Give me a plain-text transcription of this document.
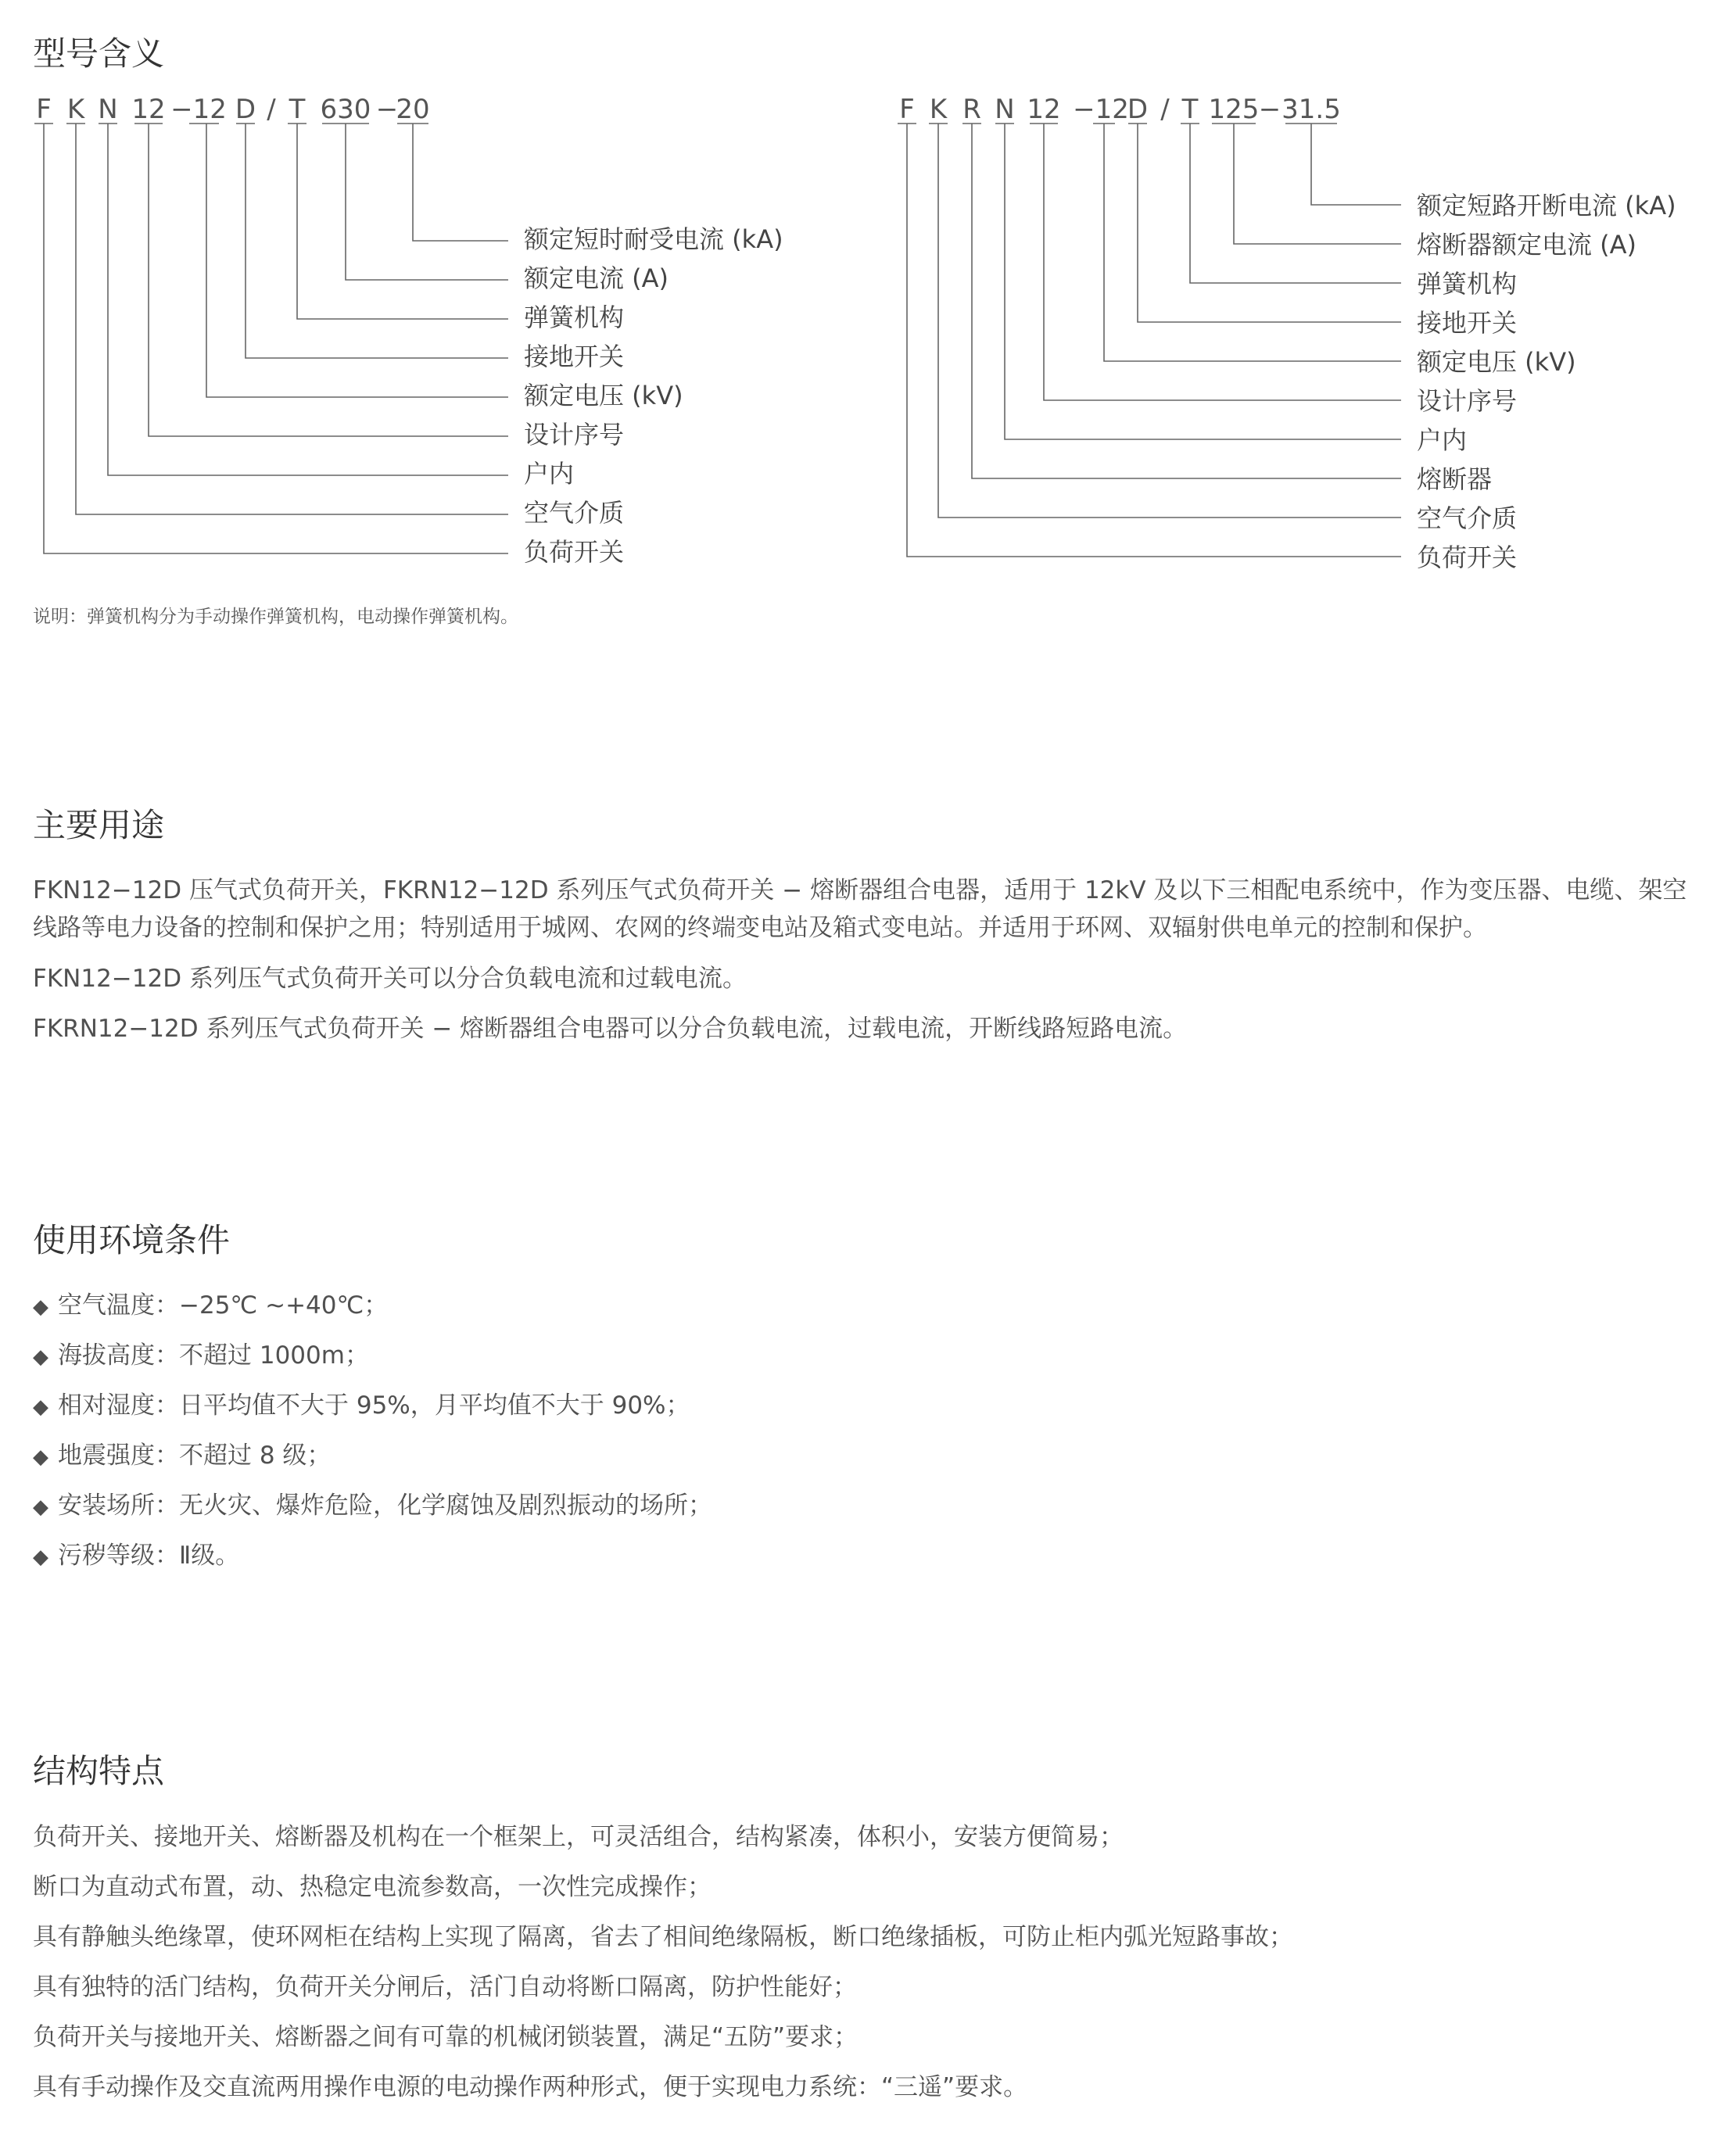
型号含义
F K N 12 −12 D / T 630 −
20
额定短时耐受电流 (kA)
额定电流 (A)
弹簧机构
接地开关
额定电压 (kV)
设计序号
户内
空气介质
负荷开关
F K R N 12 −12
D / T 125 − 31.5
额定短路开断电流 (kA)
熔断器额定电流 (A)
弹簧机构
接地开关
额定电压 (kV)
设计序号
户内
熔断器
空气介质
负荷开关

说明：弹簧机构分为手动操作弹簧机构，电动操作弹簧机构。

主要用途

FKN12−12D 压气式负荷开关，FKRN12−12D 系列压气式负荷开关 − 熔断器组合电器，适用于 12kV 及以下三相配电系统中，作为变压器、电缆、架空

线路等电力设备的控制和保护之用；特别适用于城网、农网的终端变电站及箱式变电站。并适用于环网、双辐射供电单元的控制和保护。

FKN12−12D 系列压气式负荷开关可以分合负载电流和过载电流。

FKRN12−12D 系列压气式负荷开关 − 熔断器组合电器可以分合负载电流，过载电流，开断线路短路电流。

使用环境条件

◆ 空气温度：−25℃ ~+40℃；

◆ 海拔高度：不超过 1000m；

◆ 相对湿度：日平均值不大于 95%，月平均值不大于 90%；

◆ 地震强度：不超过 8 级；

◆ 安装场所：无火灾、爆炸危险，化学腐蚀及剧烈振动的场所；

◆ 污秽等级：Ⅱ级。

结构特点

负荷开关、接地开关、熔断器及机构在一个框架上，可灵活组合，结构紧凑，体积小，安装方便简易；

断口为直动式布置，动、热稳定电流参数高，一次性完成操作；

具有静触头绝缘罩，使环网柜在结构上实现了隔离，省去了相间绝缘隔板，断口绝缘插板，可防止柜内弧光短路事故；

具有独特的活门结构，负荷开关分闸后，活门自动将断口隔离，防护性能好；

负荷开关与接地开关、熔断器之间有可靠的机械闭锁装置，满足“五防”要求；

具有手动操作及交直流两用操作电源的电动操作两种形式，便于实现电力系统：“三遥”要求。
